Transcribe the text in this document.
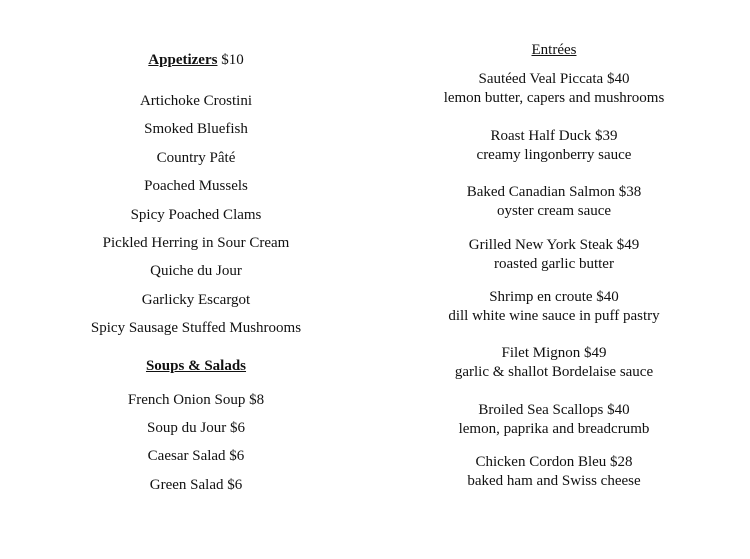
Appetizers $10
Artichoke Crostini
Smoked Bluefish
Country Pâté
Poached Mussels
Spicy Poached Clams
Pickled Herring in Sour Cream
Quiche du Jour
Garlicky Escargot
Spicy Sausage Stuffed Mushrooms
Soups & Salads
French Onion Soup $8
Soup du Jour $6
Caesar Salad $6
Green Salad $6
Entrées
Sautéed Veal Piccata $40
lemon butter, capers and mushrooms
Roast Half Duck $39
creamy lingonberry sauce
Baked Canadian Salmon $38
oyster cream sauce
Grilled New York Steak $49
roasted garlic butter
Shrimp en croute $40
dill white wine sauce in puff pastry
Filet Mignon $49
garlic & shallot Bordelaise sauce
Broiled Sea Scallops $40
lemon, paprika and breadcrumb
Chicken Cordon Bleu $28
baked ham and Swiss cheese
